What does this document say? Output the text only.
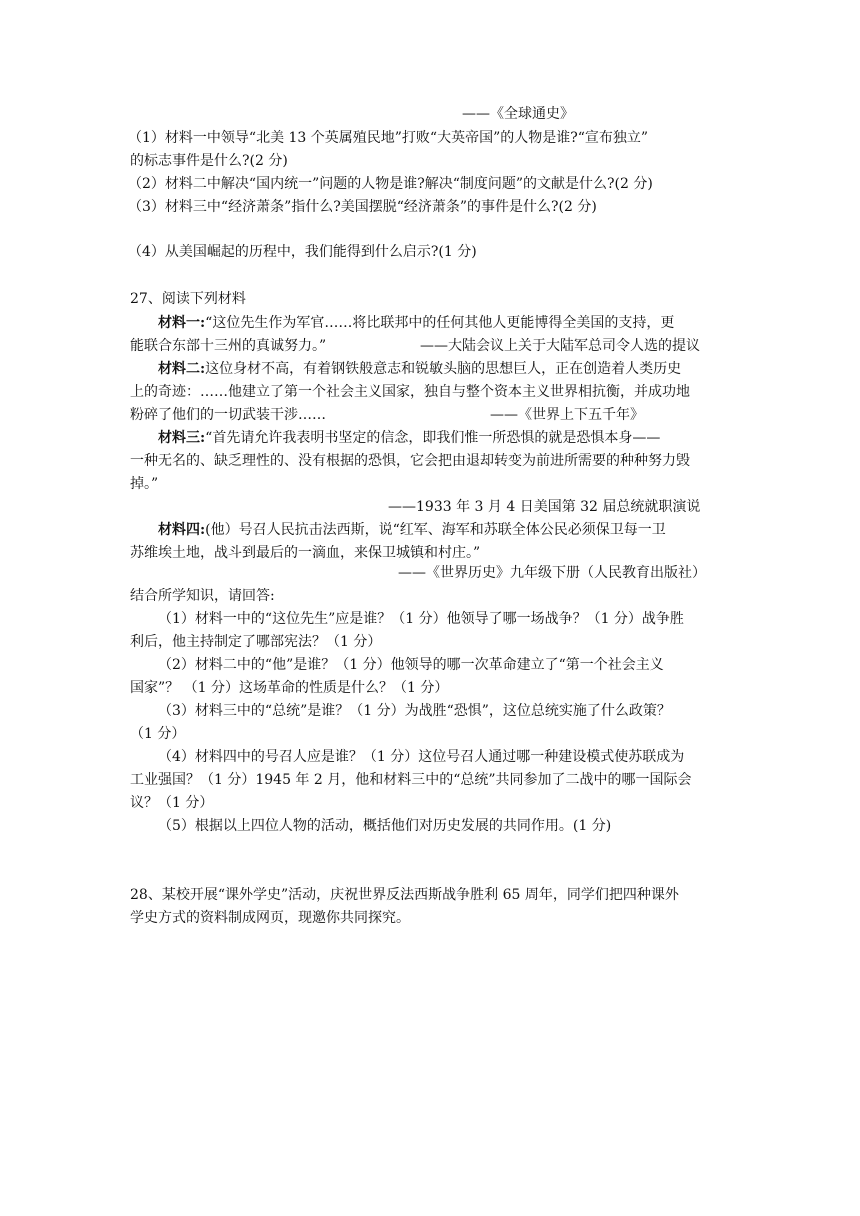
——《全球通史》
（1）材料一中领导“北美 13 个英属殖民地”打败“大英帝国”的人物是谁?“宣布独立”
的标志事件是什么?(2 分)
（2）材料二中解决“国内统一”问题的人物是谁?解决“制度问题”的文献是什么?(2 分)
（3）材料三中“经济萧条”指什么?美国摆脱“经济萧条”的事件是什么?(2 分)
（4）从美国崛起的历程中，我们能得到什么启示?(1 分)
27、阅读下列材料
材料一:“这位先生作为军官……将比联邦中的任何其他人更能博得全美国的支持，更
能联合东部十三州的真诚努力。”	——大陆会议上关于大陆军总司令人选的提议
材料二:这位身材不高，有着钢铁般意志和锐敏头脑的思想巨人，正在创造着人类历史
上的奇迹：……他建立了第一个社会主义国家，独自与整个资本主义世界相抗衡，并成功地
粉碎了他们的一切武装干涉……	——《世界上下五千年》
材料三:“首先请允许我表明书坚定的信念，即我们惟一所恐惧的就是恐惧本身——
一种无名的、缺乏理性的、没有根据的恐惧，它会把由退却转变为前进所需要的种种努力毁
掉。”
——1933 年 3 月 4 日美国第 32 届总统就职演说
材料四:(他）号召人民抗击法西斯，说“红军、海军和苏联全体公民必须保卫每一卫
苏维埃土地，战斗到最后的一滴血，来保卫城镇和村庄。”
——《世界历史》九年级下册（人民教育出版社）
结合所学知识，请回答:
（1）材料一中的“这位先生”应是谁？（1 分）他领导了哪一场战争？（1 分）战争胜
利后，他主持制定了哪部宪法？（1 分）
（2）材料二中的“他”是谁？（1 分）他领导的哪一次革命建立了“第一个社会主义
国家”？ （1 分）这场革命的性质是什么？（1 分）
（3）材料三中的“总统”是谁？（1 分）为战胜“恐惧”，这位总统实施了什么政策？
（1 分）
（4）材料四中的号召人应是谁？（1 分）这位号召人通过哪一种建设模式使苏联成为
工业强国？（1 分）1945 年 2 月，他和材料三中的“总统”共同参加了二战中的哪一国际会
议？（1 分）
（5）根据以上四位人物的活动，概括他们对历史发展的共同作用。(1 分)
28、某校开展“课外学史”活动，庆祝世界反法西斯战争胜利 65 周年，同学们把四种课外
学史方式的资料制成网页，现邀你共同探究。
